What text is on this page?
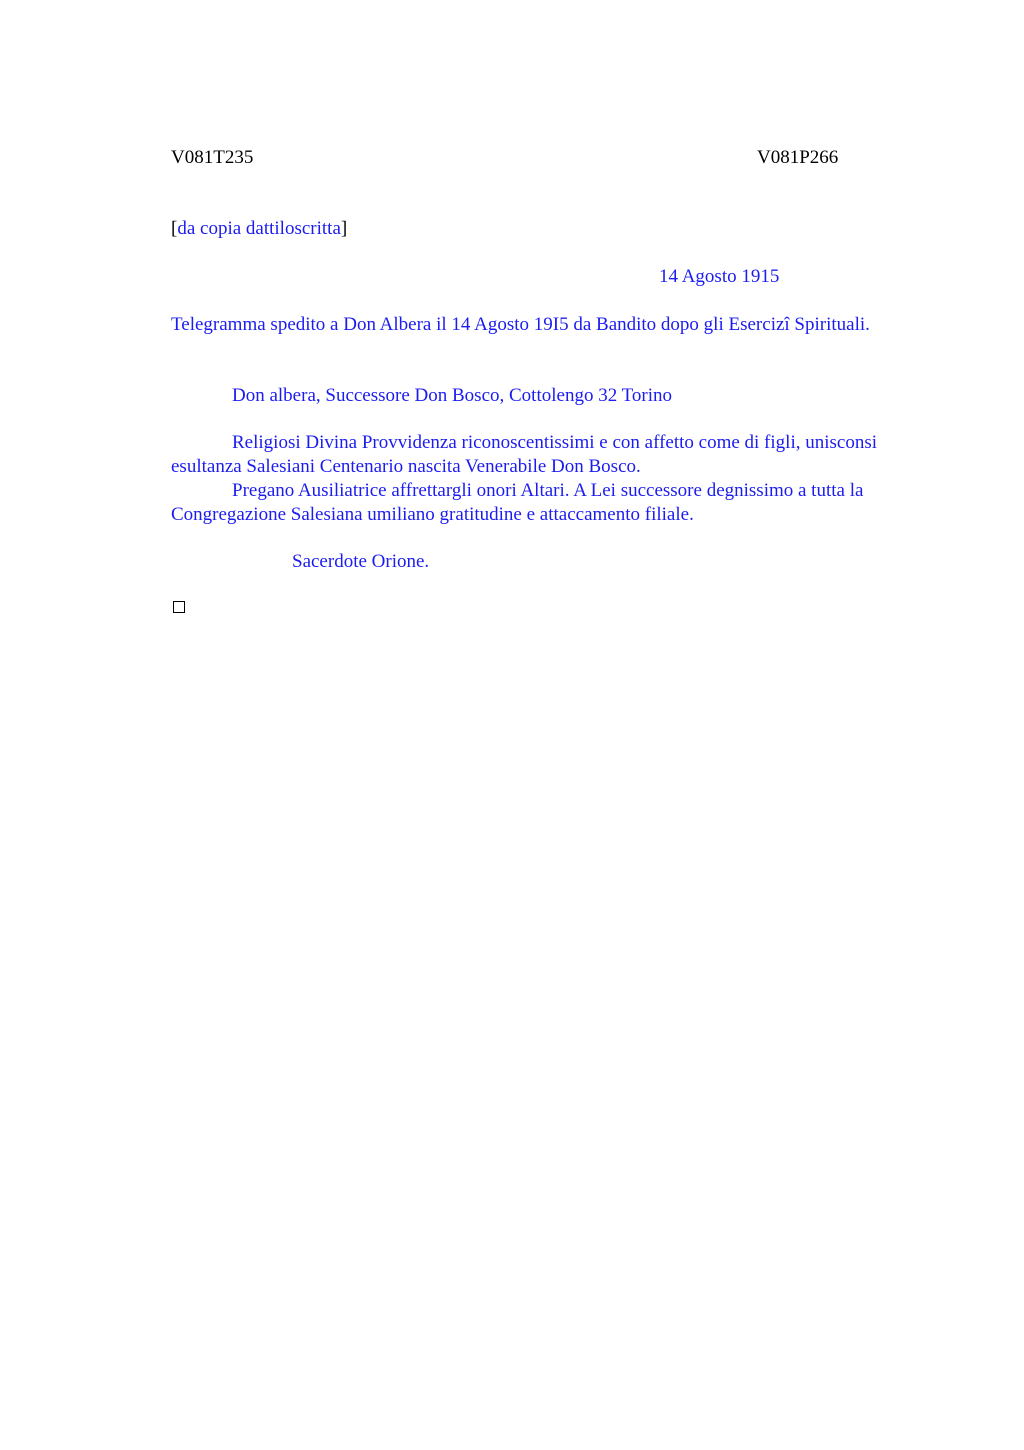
V081T235	V081P266
[da copia dattiloscritta]
14 Agosto 1915
Telegramma spedito a Don Albera il 14 Agosto 19I5 da Bandito dopo gli Esercizî Spirituali.
Don albera, Successore Don Bosco, Cottolengo 32 Torino
Religiosi Divina Provvidenza riconoscentissimi e con affetto come di figli, unisconsi esultanza Salesiani Centenario nascita Venerabile Don Bosco.
Pregano Ausiliatrice affrettargli onori Altari. A Lei successore degnissimo a tutta la Congregazione Salesiana umiliano gratitudine e attaccamento filiale.
Sacerdote Orione.
